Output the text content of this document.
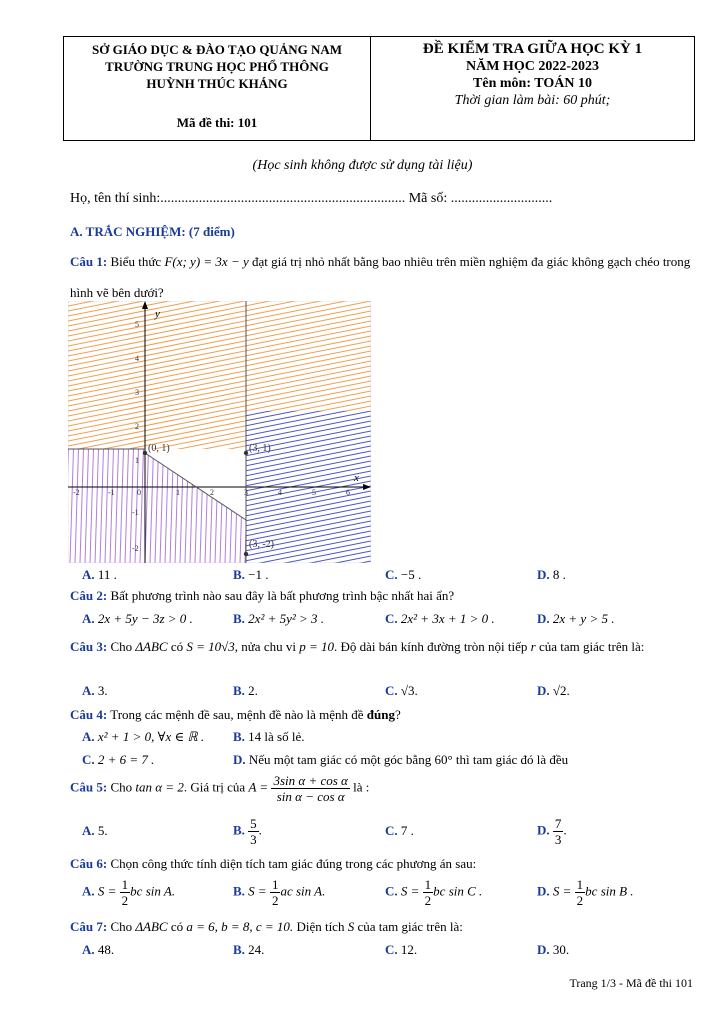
SỞ GIÁO DỤC & ĐÀO TẠO QUẢNG NAM
TRƯỜNG TRUNG HỌC PHỔ THÔNG
HUỲNH THÚC KHÁNG
Mã đề thi: 101
ĐỀ KIỂM TRA GIỮA HỌC KỲ 1
NĂM HỌC 2022-2023
Tên môn: TOÁN 10
Thời gian làm bài: 60 phút;
(Học sinh không được sử dụng tài liệu)
Họ, tên thí sinh:...................................................................... Mã số: .............................
A. TRẮC NGHIỆM: (7 điểm)
Câu 1: Biểu thức F(x; y) = 3x − y đạt giá trị nhỏ nhất bằng bao nhiêu trên miền nghiệm đa giác không gạch chéo trong hình vẽ bên dưới?
y
x
(0, 1)	(3, 1)
(3, -2)
-2	-1	0	1	2	3	4	5	6
5
4
3
2
1
-1
-2
A. 11 .	B. −1 .	C. −5 .	D. 8 .
Câu 2: Bất phương trình nào sau đây là bất phương trình bậc nhất hai ẩn?
A. 2x + 5y − 3z > 0 .	B. 2x² + 5y² > 3 .	C. 2x² + 3x + 1 > 0 .	D. 2x + y > 5 .
Câu 3: Cho ΔABC có S = 10√3, nửa chu vi p = 10. Độ dài bán kính đường tròn nội tiếp r của tam giác trên là:
A. 3.	B. 2.	C. √3.	D. √2.
Câu 4: Trong các mệnh đề sau, mệnh đề nào là mệnh đề đúng?
A. x² + 1 > 0, ∀x ∈ ℝ . B. 14 là số lẻ.
C. 2 + 6 = 7 .	D. Nếu một tam giác có một góc bằng 60° thì tam giác đó là đều
Câu 5: Cho tan α = 2. Giá trị của $A = \frac{\text{3sin α + cos α}}{\text{sin α − cos α}}$ là :
A. 5.	B. $\frac{5}{3}$ .	C. 7 .	D. $\frac{7}{3}$ .
Câu 6: Chọn công thức tính diện tích tam giác đúng trong các phương án sau:
A. $S = \frac{1}{2}$ bc sin A.	B. $S = \frac{1}{2}$ ac sin A.	C. $S = \frac{1}{2}$ bc sin C .	D. $S = \frac{1}{2}$ bc sin B .
Câu 7: Cho ΔABC có a = 6, b = 8, c = 10. Diện tích S của tam giác trên là:
A. 48.	B. 24.	C. 12.	D. 30.
Trang 1/3 - Mã đề thi 101
